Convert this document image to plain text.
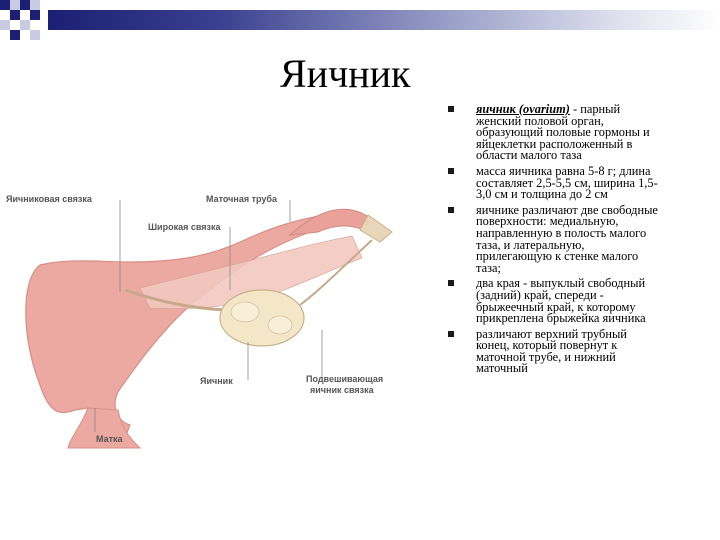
Яичник
Яичниковая связка	Маточная труба
Широкая связка
Яичник	Подвешивающая
яичник связка
Матка
яичник (ovarium) - парный
женский половой орган,
образующий половые гормоны и
яйцеклетки расположенный в
области малого таза
масса яичника равна 5-8 г; длина
составляет 2,5-5,5 см, ширина 1,5-
3,0 см и толщина до 2 см
яичнике различают две свободные
поверхности: медиальную,
направленную в полость малого
таза, и латеральную,
прилегающую к стенке малого
таза;
два края - выпуклый свободный
(задний) край, спереди -
брыжеечный край, к которому
прикреплена брыжейка яичника
различают верхний трубный
конец, который повернут к
маточной трубе, и нижний
маточный
